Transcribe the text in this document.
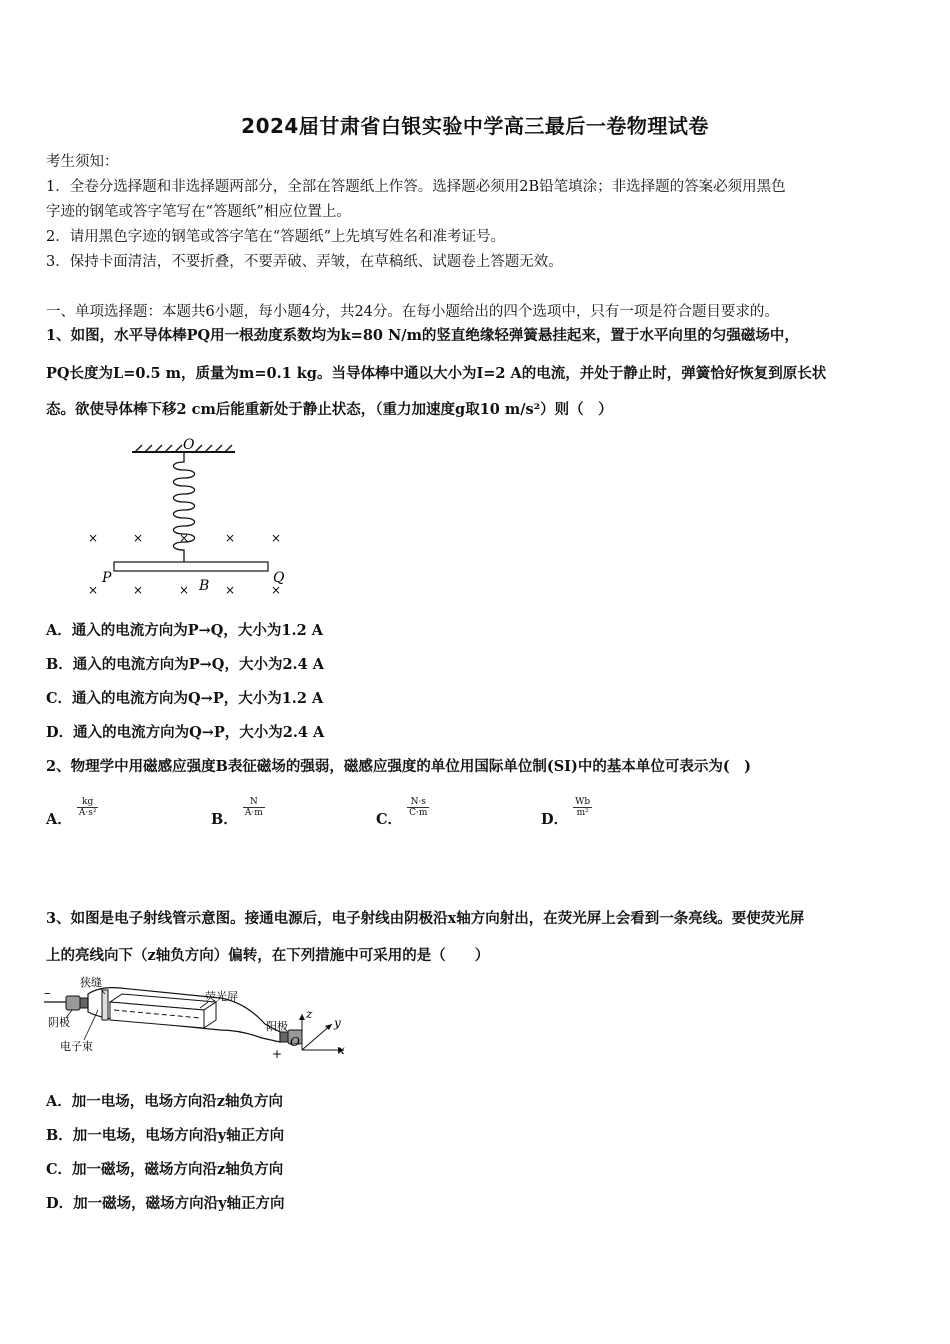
2024届甘肃省白银实验中学高三最后一卷物理试卷
考生须知：
1．全卷分选择题和非选择题两部分，全部在答题纸上作答。选择题必须用2B铅笔填涂；非选择题的答案必须用黑色
字迹的钢笔或答字笔写在“答题纸”相应位置上。
2．请用黑色字迹的钢笔或答字笔在“答题纸”上先填写姓名和准考证号。
3．保持卡面清洁，不要折叠，不要弄破、弄皱，在草稿纸、试题卷上答题无效。
一、单项选择题：本题共6小题，每小题4分，共24分。在每小题给出的四个选项中，只有一项是符合题目要求的。
1、如图，水平导体棒PQ用一根劲度系数均为k=80 N/m的竖直绝缘轻弹簧悬挂起来，置于水平向里的匀强磁场中，
PQ长度为L=0.5 m，质量为m=0.1 kg。当导体棒中通以大小为I=2 A的电流，并处于静止时，弹簧恰好恢复到原长状
态。欲使导体棒下移2 cm后能重新处于静止状态，（重力加速度g取10 m/s²）则（　）
O
×	×	×	×	×
P	Q
×	×	× B ×	×
A．通入的电流方向为P→Q，大小为1.2 A
B．通入的电流方向为P→Q，大小为2.4 A
C．通入的电流方向为Q→P，大小为1.2 A
D．通入的电流方向为Q→P，大小为2.4 A
2、物理学中用磁感应强度B表征磁场的强弱，磁感应强度的单位用国际单位制(SI)中的基本单位可表示为(　)
A．
$\frac{kg}{\text{A·s²}}$
B．
$\frac{N}{A\cdot m}$
C．
$\frac{N\cdot s}{C\cdot m}$
D．
$\frac{Wb}{\text{m²}}$
3、如图是电子射线管示意图。接通电源后，电子射线由阴极沿x轴方向射出，在荧光屏上会看到一条亮线。要使荧光屏
上的亮线向下（z轴负方向）偏转，在下列措施中可采用的是（　　）
–
狭缝
荧光屏
阴极
电子束
阳极
+	x
z
y
O
A．加一电场，电场方向沿z轴负方向
B．加一电场，电场方向沿y轴正方向
C．加一磁场，磁场方向沿z轴负方向
D．加一磁场，磁场方向沿y轴正方向
